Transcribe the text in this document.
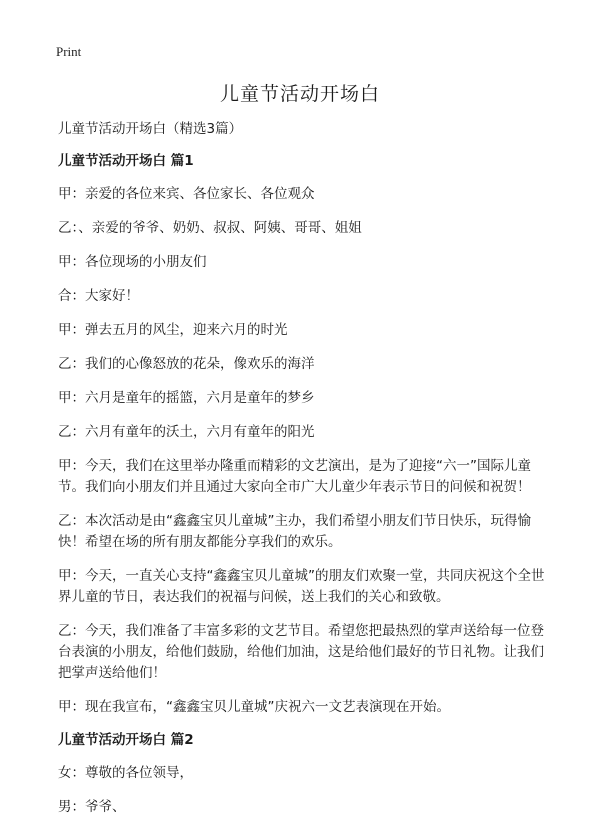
Print
儿童节活动开场白

儿童节活动开场白（精选3篇）

儿童节活动开场白 篇1

甲：亲爱的各位来宾、各位家长、各位观众

乙：、亲爱的爷爷、奶奶、叔叔、阿姨、哥哥、姐姐

甲：各位现场的小朋友们

合：大家好！

甲：弹去五月的风尘，迎来六月的时光

乙：我们的心像怒放的花朵，像欢乐的海洋

甲：六月是童年的摇篮，六月是童年的梦乡

乙：六月有童年的沃土，六月有童年的阳光

甲：今天，我们在这里举办隆重而精彩的文艺演出，是为了迎接“六一”国际儿童节。我们向小朋友们并且通过大家向全市广大儿童少年表示节日的问候和祝贺！

乙：本次活动是由“鑫鑫宝贝儿童城”主办，我们希望小朋友们节日快乐，玩得愉快！希望在场的所有朋友都能分享我们的欢乐。

甲：今天，一直关心支持“鑫鑫宝贝儿童城”的朋友们欢聚一堂，共同庆祝这个全世界儿童的节日，表达我们的祝福与问候，送上我们的关心和致敬。

乙：今天，我们准备了丰富多彩的文艺节目。希望您把最热烈的掌声送给每一位登台表演的小朋友，给他们鼓励，给他们加油，这是给他们最好的节日礼物。让我们把掌声送给他们！

甲：现在我宣布，“鑫鑫宝贝儿童城”庆祝六一文艺表演现在开始。

儿童节活动开场白 篇2

女：尊敬的各位领导，

男：爷爷、
